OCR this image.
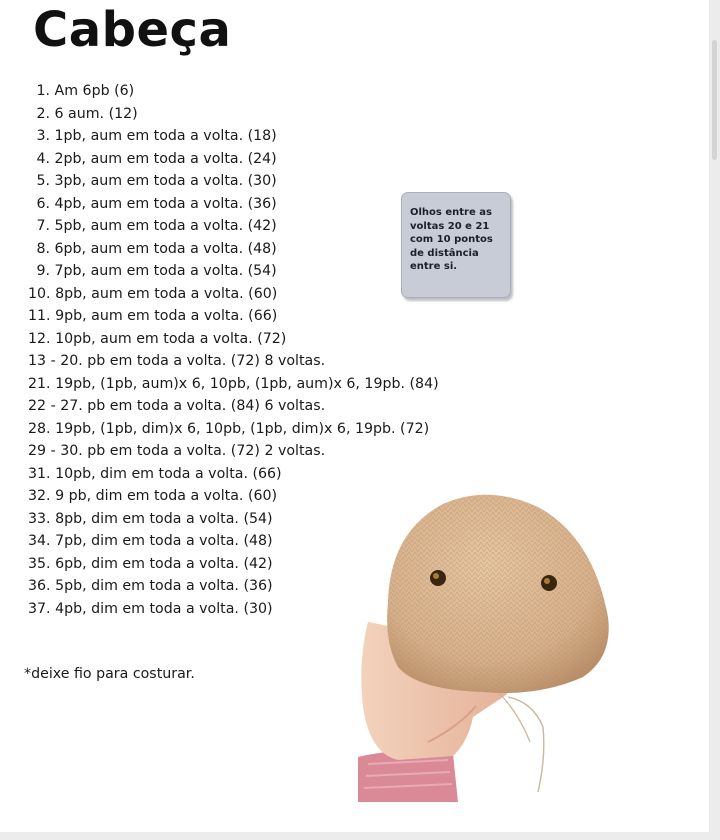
Cabeça
1. Am 6pb (6)
2. 6 aum. (12)
3. 1pb, aum em toda a volta. (18)
4. 2pb, aum em toda a volta. (24)
5. 3pb, aum em toda a volta. (30)
6. 4pb, aum em toda a volta. (36)
7. 5pb, aum em toda a volta. (42)
8. 6pb, aum em toda a volta. (48)
9. 7pb, aum em toda a volta. (54)
10. 8pb, aum em toda a volta. (60)
11. 9pb, aum em toda a volta. (66)
12. 10pb, aum em toda a volta. (72)
13 - 20. pb em toda a volta. (72) 8 voltas.
21. 19pb, (1pb, aum)x 6, 10pb, (1pb, aum)x 6, 19pb. (84)
22 - 27. pb em toda a volta. (84) 6 voltas.
28. 19pb, (1pb, dim)x 6, 10pb, (1pb, dim)x 6, 19pb. (72)
29 - 30. pb em toda a volta. (72) 2 voltas.
31. 10pb, dim em toda a volta. (66)
32. 9 pb, dim em toda a volta. (60)
33. 8pb, dim em toda a volta. (54)
34. 7pb, dim em toda a volta. (48)
35. 6pb, dim em toda a volta. (42)
36. 5pb, dim em toda a volta. (36)
37. 4pb, dim em toda a volta. (30)
Olhos entre as
voltas 20 e 21
com 10 pontos
de distância
entre si.
*deixe fio para costurar.
